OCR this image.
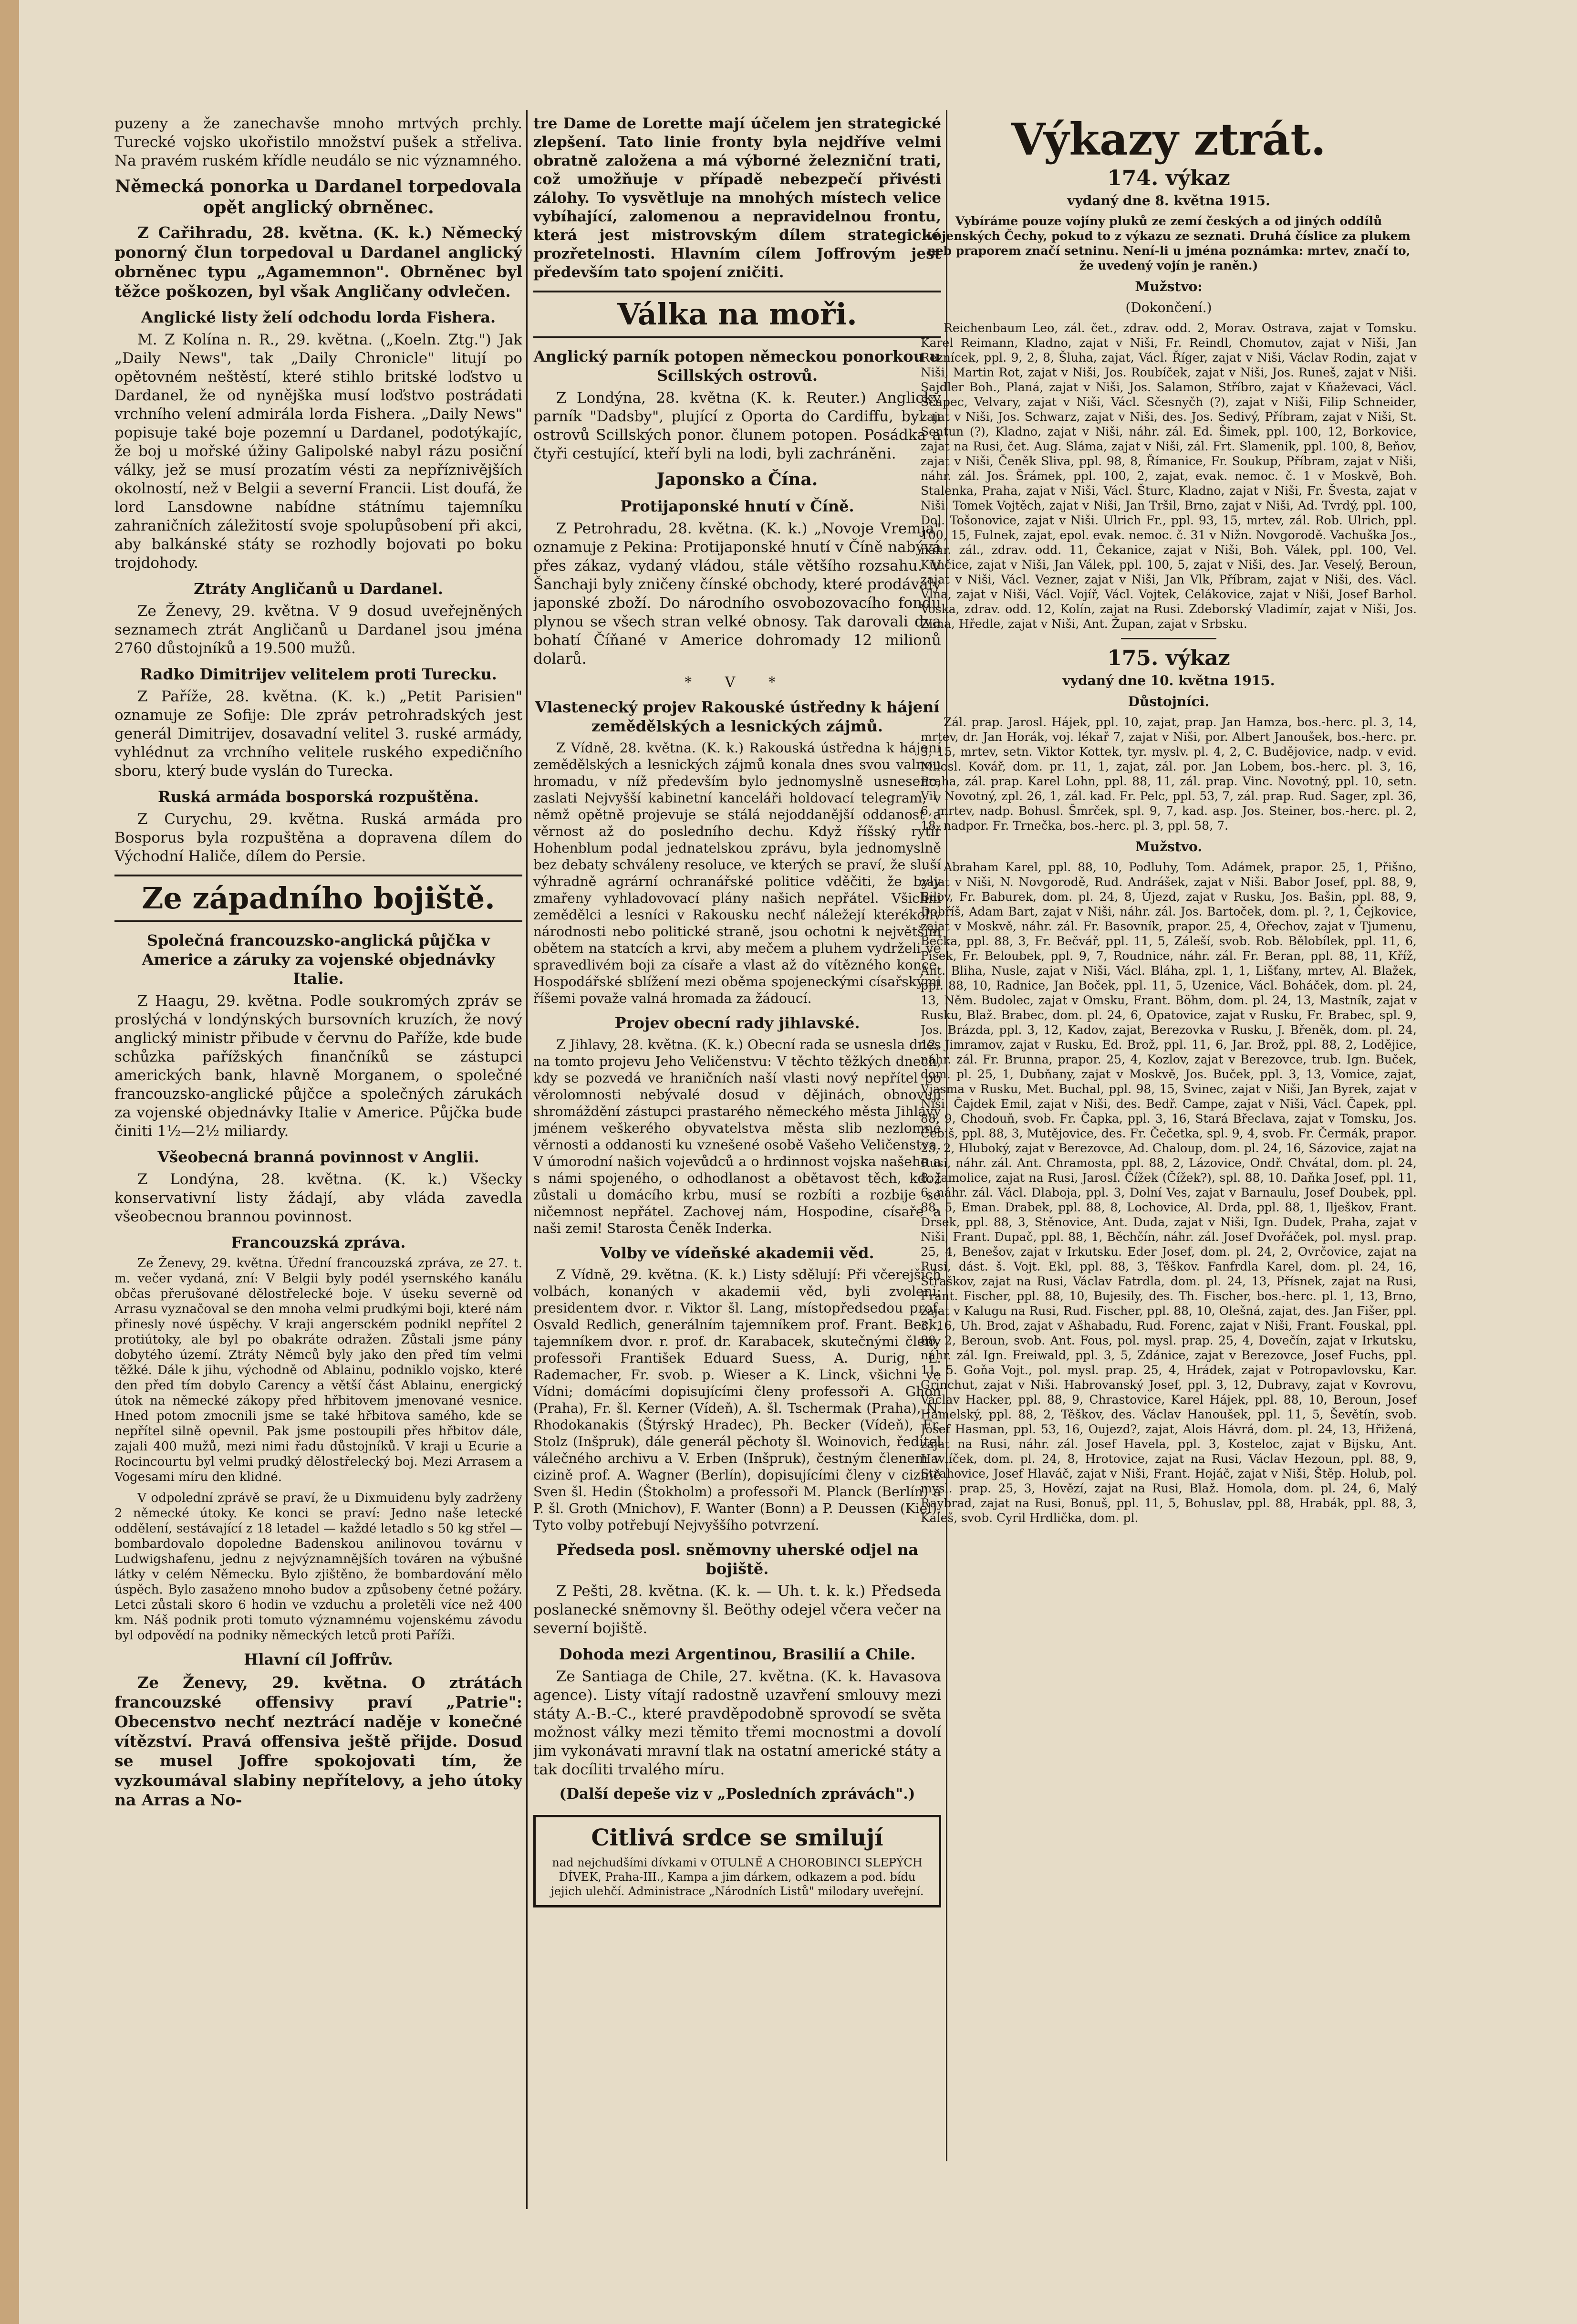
puzeny a že zanechavše mnoho mrtvých prchly. Turecké vojsko ukořistilo množství pušek a střeliva. Na pravém ruském křídle neudálo se nic významného.

Německá ponorka u Dardanel torpedovala opět anglický obrněnec.

Z Cařihradu, 28. května. (K. k.) Německý ponorný člun torpedoval u Dardanel anglický obrněnec typu „Agamemnon". Obrněnec byl těžce poškozen, byl však Angličany odvlečen.

Anglické listy želí odchodu lorda Fishera.

M. Z Kolína n. R., 29. května. („Koeln. Ztg.") Jak „Daily News", tak „Daily Chronicle" litují po opětovném neštěstí, které stihlo britské loďstvo u Dardanel, že od nynějška musí loďstvo postrádati vrchního velení admirála lorda Fishera. „Daily News" popisuje také boje pozemní u Dardanel, podotýkajíc, že boj u mořské úžiny Galipolské nabyl rázu posiční války, jež se musí prozatím vésti za nepříznivějších okolností, než v Belgii a severní Francii. List doufá, že lord Lansdowne nabídne státnímu tajemníku zahraničních záležitostí svoje spolupůsobení při akci, aby balkánské státy se rozhodly bojovati po boku trojdohody.

Ztráty Angličanů u Dardanel.

Ze Ženevy, 29. května. V 9 dosud uveřejněných seznamech ztrát Angličanů u Dardanel jsou jména 2760 důstojníků a 19.500 mužů.

Radko Dimitrijev velitelem proti Turecku.

Z Paříže, 28. května. (K. k.) „Petit Parisien" oznamuje ze Sofije: Dle zpráv petrohradských jest generál Dimitrijev, dosavadní velitel 3. ruské armády, vyhlédnut za vrchního velitele ruského expedičního sboru, který bude vyslán do Turecka.

Ruská armáda bosporská rozpuštěna.

Z Curychu, 29. května. Ruská armáda pro Bosporus byla rozpuštěna a dopravena dílem do Východní Haliče, dílem do Persie.

Ze západního bojiště.
Společná francouzsko-anglická půjčka v Americe a záruky za vojenské objednávky Italie.

Z Haagu, 29. května. Podle soukromých zpráv se proslýchá v londýnských bursovních kruzích, že nový anglický ministr přibude v červnu do Paříže, kde bude schůzka pařížských finančníků se zástupci amerických bank, hlavně Morganem, o společné francouzsko-anglické půjčce a společných zárukách za vojenské objednávky Italie v Americe. Půjčka bude činiti 1½—2½ miliardy.

Všeobecná branná povinnost v Anglii.

Z Londýna, 28. května. (K. k.) Všecky konservativní listy žádají, aby vláda zavedla všeobecnou brannou povinnost.

Francouzská zpráva.

Ze Ženevy, 29. května. Úřední francouzská zpráva, ze 27. t. m. večer vydaná, zní: V Belgii byly podél ysernského kanálu občas přerušované dělostřelecké boje. V úseku severně od Arrasu vyznačoval se den mnoha velmi prudkými boji, které nám přinesly nové úspěchy. V kraji angersckém podnikl nepřítel 2 protiútoky, ale byl po obakráte odražen. Zůstali jsme pány dobytého území. Ztráty Němců byly jako den před tím velmi těžké. Dále k jihu, východně od Ablainu, podniklo vojsko, které den před tím dobylo Carency a větší část Ablainu, energický útok na německé zákopy před hřbitovem jmenované vesnice. Hned potom zmocnili jsme se také hřbitova samého, kde se nepřítel silně opevnil. Pak jsme postoupili přes hřbitov dále, zajali 400 mužů, mezi nimi řadu důstojníků. V kraji u Ecurie a Rocincourtu byl velmi prudký dělostřelecký boj. Mezi Arrasem a Vogesami míru den klidné.

V odpolední zprávě se praví, že u Dixmuidenu byly zadrženy 2 německé útoky. Ke konci se praví: Jedno naše letecké oddělení, sestávající z 18 letadel — každé letadlo s 50 kg střel — bombardovalo dopoledne Badenskou anilinovou továrnu v Ludwigshafenu, jednu z nejvýznamnějších továren na výbušné látky v celém Německu. Bylo zjištěno, že bombardování mělo úspěch. Bylo zasaženo mnoho budov a způsobeny četné požáry. Letci zůstali skoro 6 hodin ve vzduchu a proletěli více než 400 km. Náš podnik proti tomuto významnému vojenskému závodu byl odpovědí na podniky německých letců proti Paříži.

Hlavní cíl Joffrův.

Ze Ženevy, 29. května. O ztrátách francouzské offensivy praví „Patrie": Obecenstvo nechť neztrácí naděje v konečné vítězství. Pravá offensiva ještě přijde. Dosud se musel Joffre spokojovati tím, že vyzkoumával slabiny nepřítelovy, a jeho útoky na Arras a No-

tre Dame de Lorette mají účelem jen strategické zlepšení. Tato linie fronty byla nejdříve velmi obratně založena a má výborné železniční trati, což umožňuje v případě nebezpečí přivésti zálohy. To vysvětluje na mnohých místech velice vybíhající, zalomenou a nepravidelnou frontu, která jest mistrovským dílem strategické prozřetelnosti. Hlavním cílem Joffrovým jest především tato spojení zničiti.

Válka na moři.
Anglický parník potopen německou ponorkou u Scillských ostrovů.

Z Londýna, 28. května (K. k. Reuter.) Anglický parník "Dadsby", plující z Oporta do Cardiffu, byl u ostrovů Scillských ponor. člunem potopen. Posádka a čtyři cestující, kteří byli na lodi, byli zachráněni.

Japonsko a Čína.
Protijaponské hnutí v Číně.

Z Petrohradu, 28. května. (K. k.) „Novoje Vremja" oznamuje z Pekina: Protijaponské hnutí v Číně nabývá přes zákaz, vydaný vládou, stále většího rozsahu. V Šanchaji byly zničeny čínské obchody, které prodávaly japonské zboží. Do národního osvobozovacího fondu plynou se všech stran velké obnosy. Tak darovali dva bohatí Číňané v Americe dohromady 12 milionů dolarů.

* V *
Vlastenecký projev Rakouské ústředny k hájení zemědělských a lesnických zájmů.

Z Vídně, 28. května. (K. k.) Rakouská ústředna k hájení zemědělských a lesnických zájmů konala dnes svou valnou hromadu, v níž především bylo jednomyslně usneseno, zaslati Nejvyšší kabinetní kanceláři holdovací telegram, v němž opětně projevuje se stálá nejoddanější oddanost a věrnost až do posledního dechu. Když říšský rytíř Hohenblum podal jednatelskou zprávu, byla jednomyslně bez debaty schváleny resoluce, ve kterých se praví, že sluší výhradně agrární ochranářské politice vděčiti, že byly zmařeny vyhladovovací plány našich nepřátel. Všichni zemědělci a lesníci v Rakousku nechť náležejí kterékoliv národnosti nebo politické straně, jsou ochotni k největším obětem na statcích a krvi, aby mečem a pluhem vydrželi ve spravedlivém boji za císaře a vlast až do vítězného konce. Hospodářské sblížení mezi oběma spojeneckými císařskými říšemi považe valná hromada za žádoucí.

Projev obecní rady jihlavské.

Z Jihlavy, 28. května. (K. k.) Obecní rada se usnesla dnes na tomto projevu Jeho Veličenstvu: V těchto těžkých dnech, kdy se pozvedá ve hraničních naší vlasti nový nepřítel po věrolomnosti nebývalé dosud v dějinách, obnovují shromáždění zástupci prastarého německého města Jihlavy jménem veškerého obyvatelstva města slib nezlomné věrnosti a oddanosti ku vznešené osobě Vašeho Veličenstva. V úmorodní našich vojevůdců a o hrdinnost vojska našeho a s námi spojeného, o odhodlanost a obětavost těch, kdož zůstali u domácího krbu, musí se rozbíti a rozbije se ničemnost nepřátel. Zachovej nám, Hospodine, císaře a naši zemi! Starosta Čeněk Inderka.

Volby ve vídeňské akademii věd.

Z Vídně, 29. května. (K. k.) Listy sdělují: Při včerejších volbách, konaných v akademii věd, byli zvoleni: presidentem dvor. r. Viktor šl. Lang, místopředsedou prof. Osvald Redlich, generálním tajemníkem prof. Frant. Beck, tajemníkem dvor. r. prof. dr. Karabacek, skutečnými členy professoři František Eduard Suess, A. Durig, L. Rademacher, Fr. svob. p. Wieser a K. Linck, všichni ve Vídni; domácími dopisujícími členy professoři A. Ghon (Praha), Fr. šl. Kerner (Vídeň), A. šl. Tschermak (Praha), N. Rhodokanakis (Štýrský Hradec), Ph. Becker (Vídeň), Fr. Stolz (Inšpruk), dále generál pěchoty šl. Woinovich, ředitel válečného archivu a V. Erben (Inšpruk), čestným členem v cizině prof. A. Wagner (Berlín), dopisujícími členy v cizině Sven šl. Hedin (Štokholm) a professoři M. Planck (Berlín) a P. šl. Groth (Mnichov), F. Wanter (Bonn) a P. Deussen (Kiel). Tyto volby potřebují Nejvyššího potvrzení.

Předseda posl. sněmovny uherské odjel na bojiště.

Z Pešti, 28. května. (K. k. — Uh. t. k. k.) Předseda poslanecké sněmovny šl. Beöthy odejel včera večer na severní bojiště.

Dohoda mezi Argentinou, Brasilií a Chile.

Ze Santiaga de Chile, 27. května. (K. k. Havasova agence). Listy vítají radostně uzavření smlouvy mezi státy A.-B.-C., které pravděpodobně sprovodí se světa možnost války mezi těmito třemi mocnostmi a dovolí jim vykonávati mravní tlak na ostatní americké státy a tak docíliti trvalého míru.

(Další depeše viz v „Posledních zprávách".)

Citlivá srdce se smilují
nad nejchudšími dívkami v OTULNĚ A CHOROBINCI SLEPÝCH DÍVEK, Praha-III., Kampa a jim dárkem, odkazem a pod. bídu jejich ulehčí. Administrace „Národních Listů" milodary uveřejní.
Výkazy ztrát.
174. výkaz
vydaný dne 8. května 1915.

Vybíráme pouze vojíny pluků ze zemí českých a od jiných oddílů vojenských Čechy, pokud to z výkazu ze seznati. Druhá číslice za plukem neb praporem značí setninu. Není-li u jména poznámka: mrtev, značí to, že uvedený vojín je raněn.)

Mužstvo:
(Dokončení.)

Reichenbaum Leo, zál. čet., zdrav. odd. 2, Morav. Ostrava, zajat v Tomsku. Karel Reimann, Kladno, zajat v Niši, Fr. Reindl, Chomutov, zajat v Niši, Jan Reznícek, ppl. 9, 2, 8, Šluha, zajat, Václ. Říger, zajat v Niši, Václav Rodin, zajat v Niši, Martin Rot, zajat v Niši, Jos. Roubíček, zajat v Niši, Jos. Runeš, zajat v Niši. Sajdler Boh., Planá, zajat v Niši, Jos. Salamon, Stříbro, zajat v Kňaževaci, Václ. Ščapec, Velvary, zajat v Niši, Václ. Sčesnyčh (?), zajat v Niši, Filip Schneider, zajat v Niši, Jos. Schwarz, zajat v Niši, des. Jos. Sedivý, Příbram, zajat v Niši, St. Sentun (?), Kladno, zajat v Niši, náhr. zál. Ed. Šimek, ppl. 100, 12, Borkovice, zajat na Rusi, čet. Aug. Sláma, zajat v Niši, zál. Frt. Slamenik, ppl. 100, 8, Beňov, zajat v Niši, Čeněk Sliva, ppl. 98, 8, Římanice, Fr. Soukup, Příbram, zajat v Niši, náhr. zál. Jos. Šrámek, ppl. 100, 2, zajat, evak. nemoc. č. 1 v Moskvě, Boh. Stalenka, Praha, zajat v Niši, Václ. Šturc, Kladno, zajat v Niši, Fr. Švesta, zajat v Niši. Tomek Vojtěch, zajat v Niši, Jan Tršil, Brno, zajat v Niši, Ad. Tvrdý, ppl. 100, Dol. Tošonovice, zajat v Niši. Ulrich Fr., ppl. 93, 15, mrtev, zál. Rob. Ulrich, ppl. 100, 15, Fulnek, zajat, epol. evak. nemoc. č. 31 v Nižn. Novgorodě. Vachuška Jos., náhr. zál., zdrav. odd. 11, Čekanice, zajat v Niši, Boh. Válek, ppl. 100, Vel. Kunčice, zajat v Niši, Jan Válek, ppl. 100, 5, zajat v Niši, des. Jar. Veselý, Beroun, zajat v Niši, Václ. Vezner, zajat v Niši, Jan Vlk, Příbram, zajat v Niši, des. Václ. Vlna, zajat v Niši, Václ. Vojíř, Václ. Vojtek, Celákovice, zajat v Niši, Josef Barhol. Voska, zdrav. odd. 12, Kolín, zajat na Rusi. Zdeborský Vladimír, zajat v Niši, Jos. Zima, Hředle, zajat v Niši, Ant. Župan, zajat v Srbsku.

175. výkaz
vydaný dne 10. května 1915.
Důstojníci.

Zál. prap. Jarosl. Hájek, ppl. 10, zajat, prap. Jan Hamza, bos.-herc. pl. 3, 14, mrtev, dr. Jan Horák, voj. lékař 7, zajat v Niši, por. Albert Janoušek, bos.-herc. pr. 3, 15, mrtev, setn. Viktor Kottek, tyr. myslv. pl. 4, 2, C. Budějovice, nadp. v evid. Milosl. Kovář, dom. pr. 11, 1, zajat, zál. por. Jan Lobem, bos.-herc. pl. 3, 16, Praha, zál. prap. Karel Lohn, ppl. 88, 11, zál. prap. Vinc. Novotný, ppl. 10, setn. Vil. Novotný, zpl. 26, 1, zál. kad. Fr. Pelc, ppl. 53, 7, zál. prap. Rud. Sager, zpl. 36, 6, mrtev, nadp. Bohusl. Šmrček, spl. 9, 7, kad. asp. Jos. Steiner, bos.-herc. pl. 2, 18, nadpor. Fr. Trnečka, bos.-herc. pl. 3, ppl. 58, 7.

Mužstvo.

Abraham Karel, ppl. 88, 10, Podluhy, Tom. Adámek, prapor. 25, 1, Přišno, zajat v Niši, N. Novgorodě, Rud. Andrášek, zajat v Niši. Babor Josef, ppl. 88, 9, Bilov, Fr. Baburek, dom. pl. 24, 8, Újezd, zajat v Rusku, Jos. Bašin, ppl. 88, 9, Dobříš, Adam Bart, zajat v Niši, náhr. zál. Jos. Bartoček, dom. pl. ?, 1, Čejkovice, zajat v Moskvě, náhr. zál. Fr. Basovník, prapor. 25, 4, Ořechov, zajat v Tjumenu, Bečka, ppl. 88, 3, Fr. Bečvář, ppl. 11, 5, Záleší, svob. Rob. Bělobílek, ppl. 11, 6, Písek, Fr. Beloubek, ppl. 9, 7, Roudnice, náhr. zál. Fr. Beran, ppl. 88, 11, Kříž, Ant. Bliha, Nusle, zajat v Niši, Václ. Bláha, zpl. 1, 1, Lišťany, mrtev, Al. Blažek, ppl. 88, 10, Radnice, Jan Boček, ppl. 11, 5, Uzenice, Václ. Boháček, dom. pl. 24, 13, Něm. Budolec, zajat v Omsku, Frant. Böhm, dom. pl. 24, 13, Mastník, zajat v Rusku, Blaž. Brabec, dom. pl. 24, 6, Opatovice, zajat v Rusku, Fr. Brabec, spl. 9, Jos. Brázda, ppl. 3, 12, Kadov, zajat, Berezovka v Rusku, J. Břeněk, dom. pl. 24, 12, Jimramov, zajat v Rusku, Ed. Brož, ppl. 11, 6, Jar. Brož, ppl. 88, 2, Lodějice, náhr. zál. Fr. Brunna, prapor. 25, 4, Kozlov, zajat v Berezovce, trub. Ign. Buček, dom. pl. 25, 1, Dubňany, zajat v Moskvě, Jos. Buček, ppl. 3, 13, Vomice, zajat, Vjasma v Rusku, Met. Buchal, ppl. 98, 15, Svinec, zajat v Niši, Jan Byrek, zajat v Niši. Čajdek Emil, zajat v Niši, des. Bedř. Campe, zajat v Niši, Václ. Čapek, ppl. 88, 9, Chodouň, svob. Fr. Čapka, ppl. 3, 16, Stará Břeclava, zajat v Tomsku, Jos. Čebiš, ppl. 88, 3, Mutějovice, des. Fr. Čečetka, spl. 9, 4, svob. Fr. Čermák, prapor. 25, 2, Hluboký, zajat v Berezovce, Ad. Chaloup, dom. pl. 24, 16, Sázovice, zajat na Rusi, náhr. zál. Ant. Chramosta, ppl. 88, 2, Lázovice, Ondř. Chvátal, dom. pl. 24, 8, Jamolice, zajat na Rusi, Jarosl. Čížek (Čížek?), spl. 88, 10. Daňka Josef, ppl. 11, 6, náhr. zál. Václ. Dlaboja, ppl. 3, Dolní Ves, zajat v Barnaulu, Josef Doubek, ppl. 88, 5, Eman. Drabek, ppl. 88, 8, Lochovice, Al. Drda, ppl. 88, 1, Ilješkov, Frant. Drsek, ppl. 88, 3, Stěnovice, Ant. Duda, zajat v Niši, Ign. Dudek, Praha, zajat v Niši, Frant. Dupač, ppl. 88, 1, Běchčín, náhr. zál. Josef Dvořáček, pol. mysl. prap. 25, 4, Benešov, zajat v Irkutsku. Eder Josef, dom. pl. 24, 2, Ovrčovice, zajat na Rusi, dást. š. Vojt. Ekl, ppl. 88, 3, Těškov. Fanfrdla Karel, dom. pl. 24, 16, Straškov, zajat na Rusi, Václav Fatrdla, dom. pl. 24, 13, Přísnek, zajat na Rusi, Frant. Fischer, ppl. 88, 10, Bujesily, des. Th. Fischer, bos.-herc. pl. 1, 13, Brno, zajat v Kalugu na Rusi, Rud. Fischer, ppl. 88, 10, Olešná, zajat, des. Jan Fišer, ppl. 3, 16, Uh. Brod, zajat v Ašhabadu, Rud. Forenc, zajat v Niši, Frant. Fouskal, ppl. 88, 2, Beroun, svob. Ant. Fous, pol. mysl. prap. 25, 4, Dovečín, zajat v Irkutsku, náhr. zál. Ign. Freiwald, ppl. 3, 5, Zdánice, zajat v Berezovce, Josef Fuchs, ppl. 11, 5. Goňa Vojt., pol. mysl. prap. 25, 4, Hrádek, zajat v Potropavlovsku, Kar. Grinchut, zajat v Niši. Habrovanský Josef, ppl. 3, 12, Dubravy, zajat v Kovrovu, Václav Hacker, ppl. 88, 9, Chrastovice, Karel Hájek, ppl. 88, 10, Beroun, Josef Hamelský, ppl. 88, 2, Těškov, des. Václav Hanoušek, ppl. 11, 5, Ševětín, svob. Josef Hasman, ppl. 53, 16, Oujezd?, zajat, Alois Hávrá, dom. pl. 24, 13, Hřižená, zajat na Rusi, náhr. zál. Josef Havela, ppl. 3, Kosteloc, zajat v Bijsku, Ant. Havlíček, dom. pl. 24, 8, Hrotovice, zajat na Rusi, Václav Hezoun, ppl. 88, 9, Strahovice, Josef Hlaváč, zajat v Niši, Frant. Hojáč, zajat v Niši, Štěp. Holub, pol. mysl. prap. 25, 3, Hovězí, zajat na Rusi, Blaž. Homola, dom. pl. 24, 6, Malý Raybrad, zajat na Rusi, Bonuš, ppl. 11, 5, Bohuslav, ppl. 88, Hrabák, ppl. 88, 3, Kaleš, svob. Cyril Hrdlička, dom. pl.
